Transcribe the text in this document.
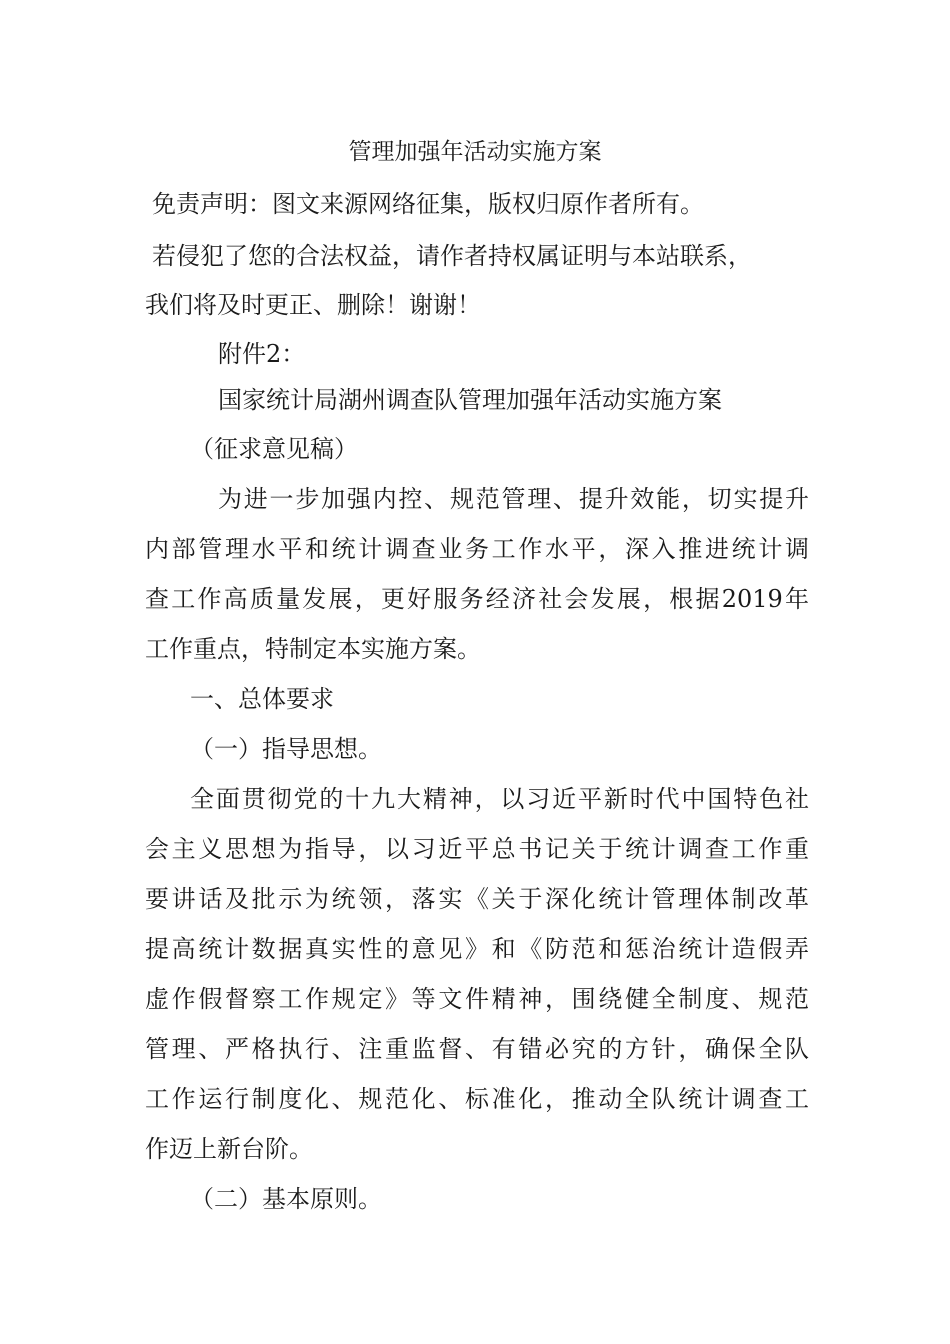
管理加强年活动实施方案
免责声明：图文来源网络征集，版权归原作者所有。
若侵犯了您的合法权益，请作者持权属证明与本站联系，
我们将及时更正、删除！谢谢！
附件2：
国家统计局湖州调查队管理加强年活动实施方案
（征求意见稿）
为进一步加强内控、规范管理、提升效能，切实提升
内部管理水平和统计调查业务工作水平，深入推进统计调
查工作高质量发展，更好服务经济社会发展，根据2019年
工作重点，特制定本实施方案。
一、总体要求
（一）指导思想。
全面贯彻党的十九大精神，以习近平新时代中国特色社
会主义思想为指导，以习近平总书记关于统计调查工作重
要讲话及批示为统领，落实《关于深化统计管理体制改革
提高统计数据真实性的意见》和《防范和惩治统计造假弄
虚作假督察工作规定》等文件精神，围绕健全制度、规范
管理、严格执行、注重监督、有错必究的方针，确保全队
工作运行制度化、规范化、标准化，推动全队统计调查工
作迈上新台阶。
（二）基本原则。
